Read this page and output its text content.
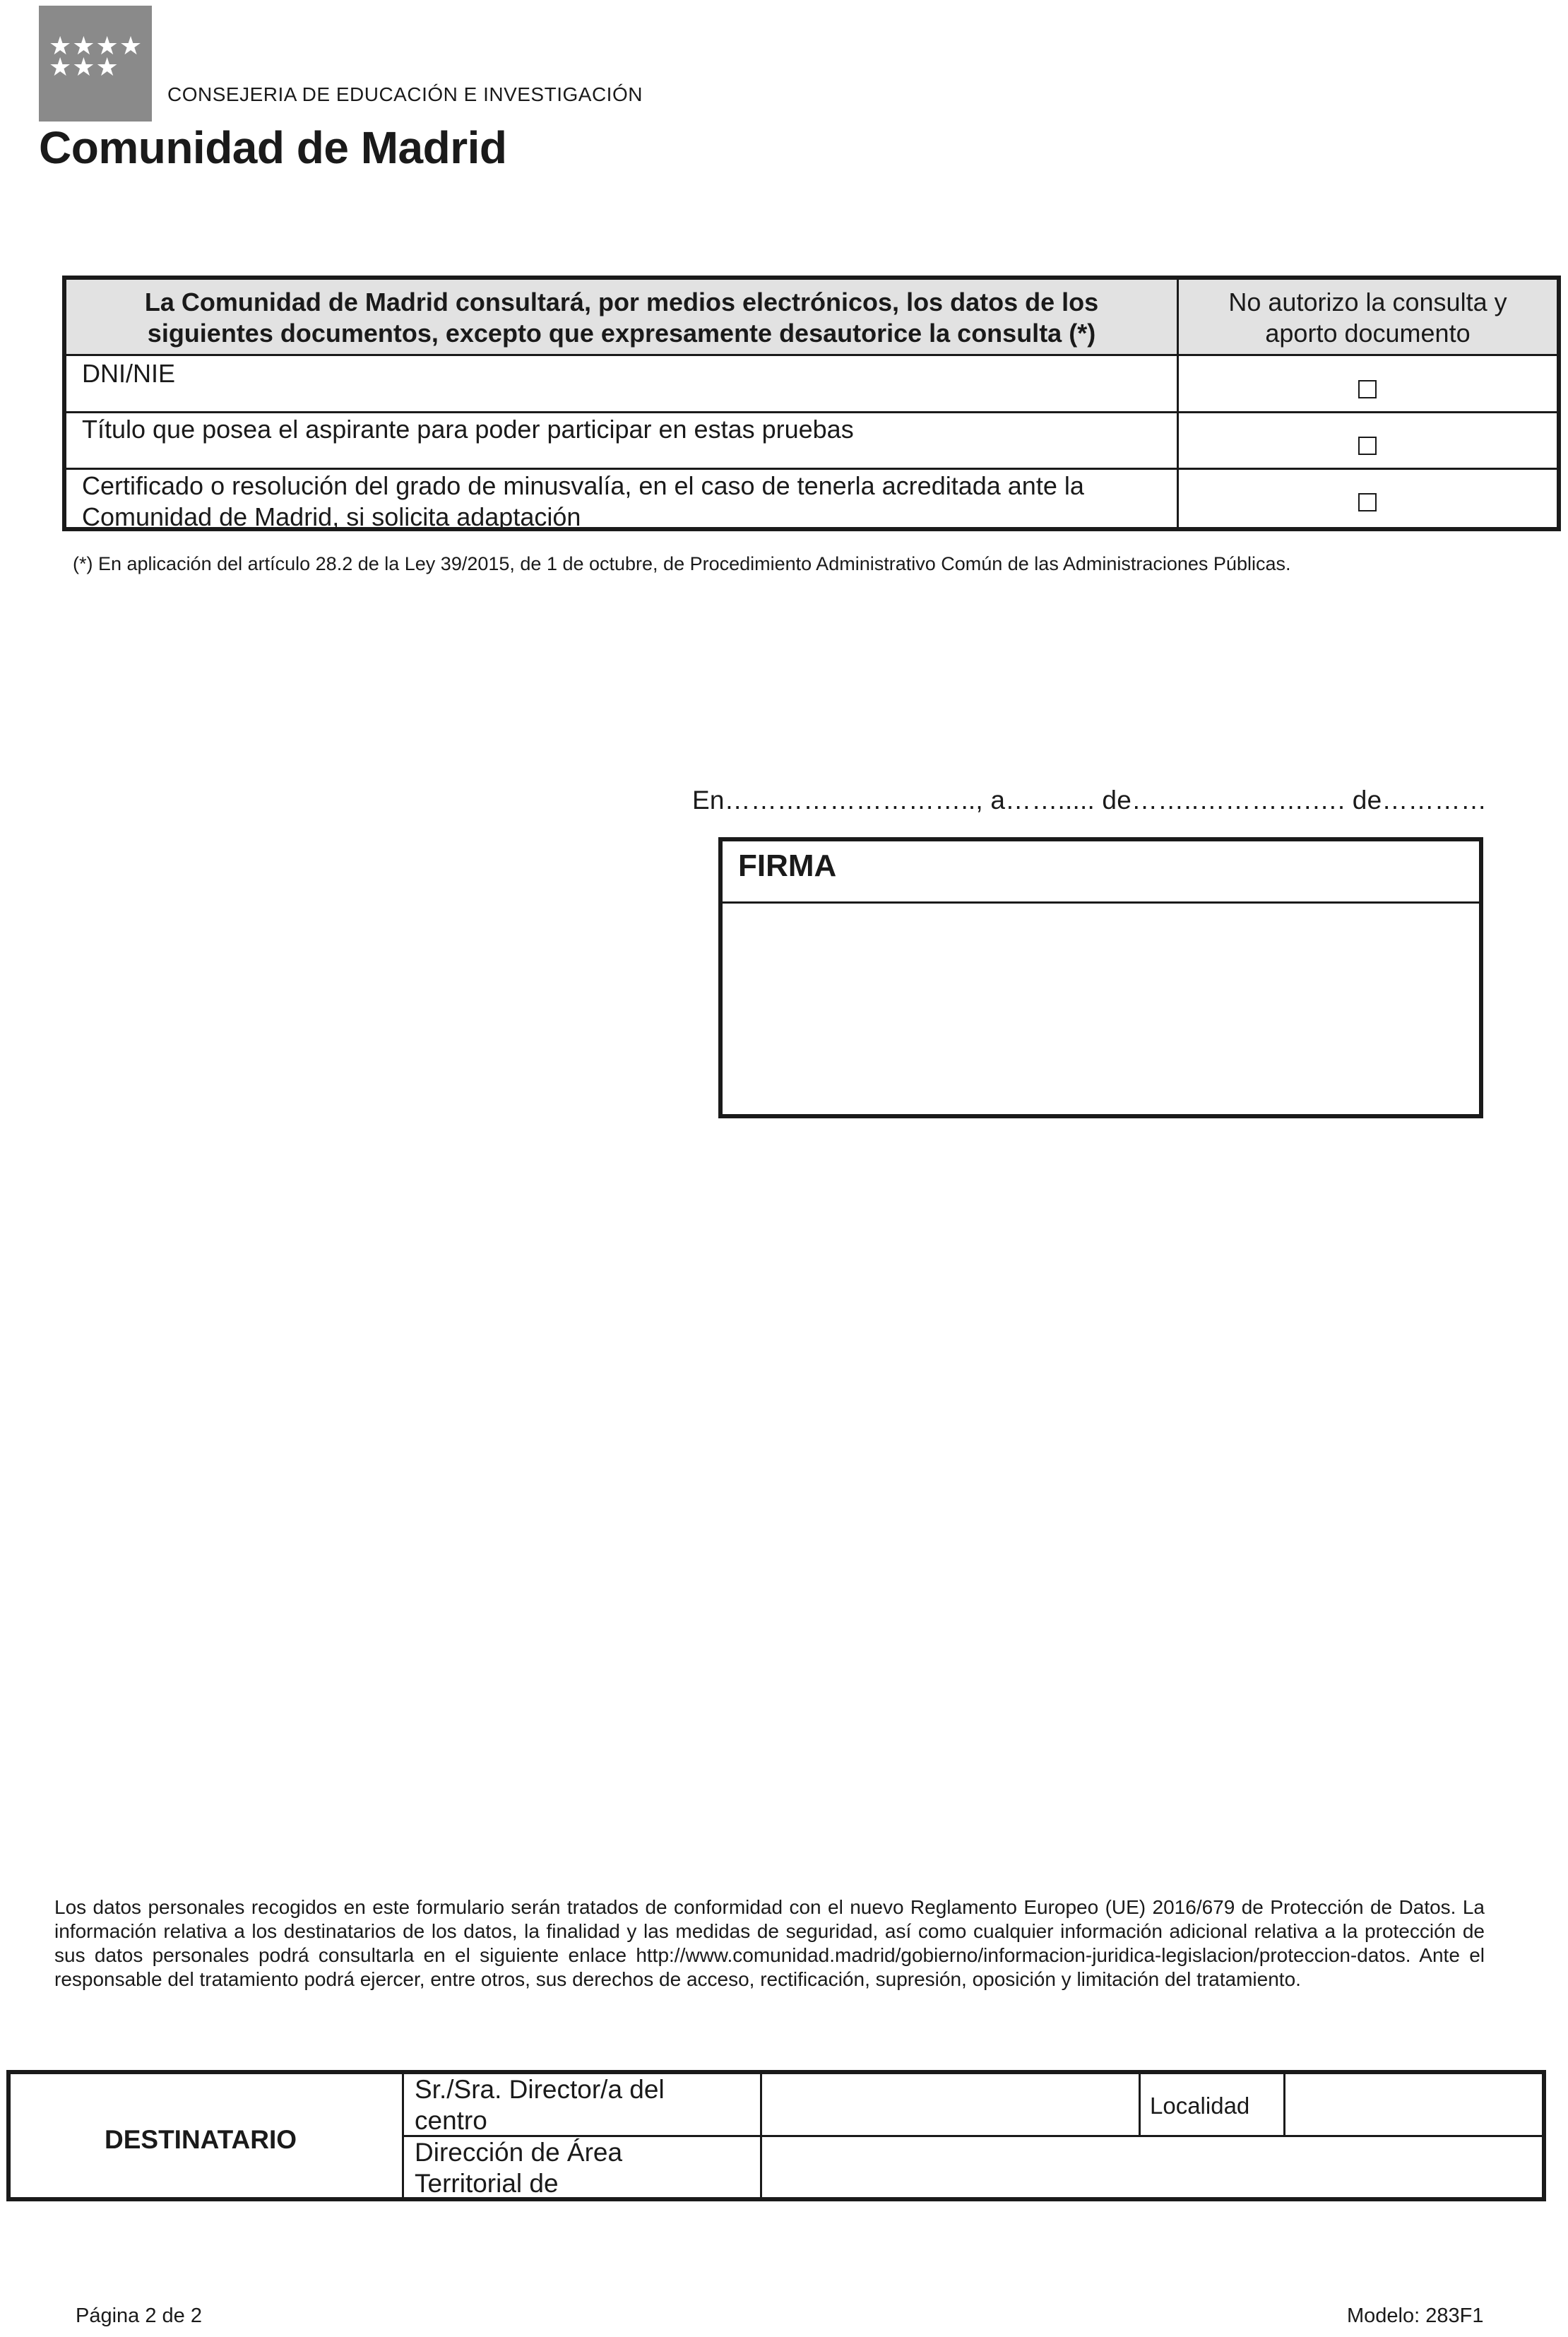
★★★★ ★★★
CONSEJERIA DE EDUCACIÓN E INVESTIGACIÓN
Comunidad de Madrid
La Comunidad de Madrid consultará, por medios electrónicos, los datos de los
siguientes documentos, excepto que expresamente desautorice la consulta (*)
No autorizo la consulta y
aporto documento
DNI/NIE
Título que posea el aspirante para poder participar en estas pruebas
Certificado o resolución del grado de minusvalía, en el caso de tenerla acreditada ante la
Comunidad de Madrid, si solicita adaptación
(*) En aplicación del artículo 28.2 de la Ley 39/2015, de 1 de octubre, de Procedimiento Administrativo Común de las Administraciones Públicas.
En……………………….., a……..... de……..………….…. de…………
FIRMA
Los datos personales recogidos en este formulario serán tratados de conformidad con el nuevo Reglamento Europeo (UE) 2016/679 de Protección de Datos. La información relativa a los destinatarios de los datos, la finalidad y las medidas de seguridad, así como cualquier información adicional relativa a la protección de sus datos personales podrá consultarla en el siguiente enlace http://www.comunidad.madrid/gobierno/informacion-juridica-legislacion/proteccion-datos. Ante el responsable del tratamiento podrá ejercer, entre otros, sus derechos de acceso, rectificación, supresión, oposición y limitación del tratamiento.
DESTINATARIO
Sr./Sra. Director/a del
centro
Dirección de Área
Territorial de
Localidad
Página 2 de 2	Modelo: 283F1
